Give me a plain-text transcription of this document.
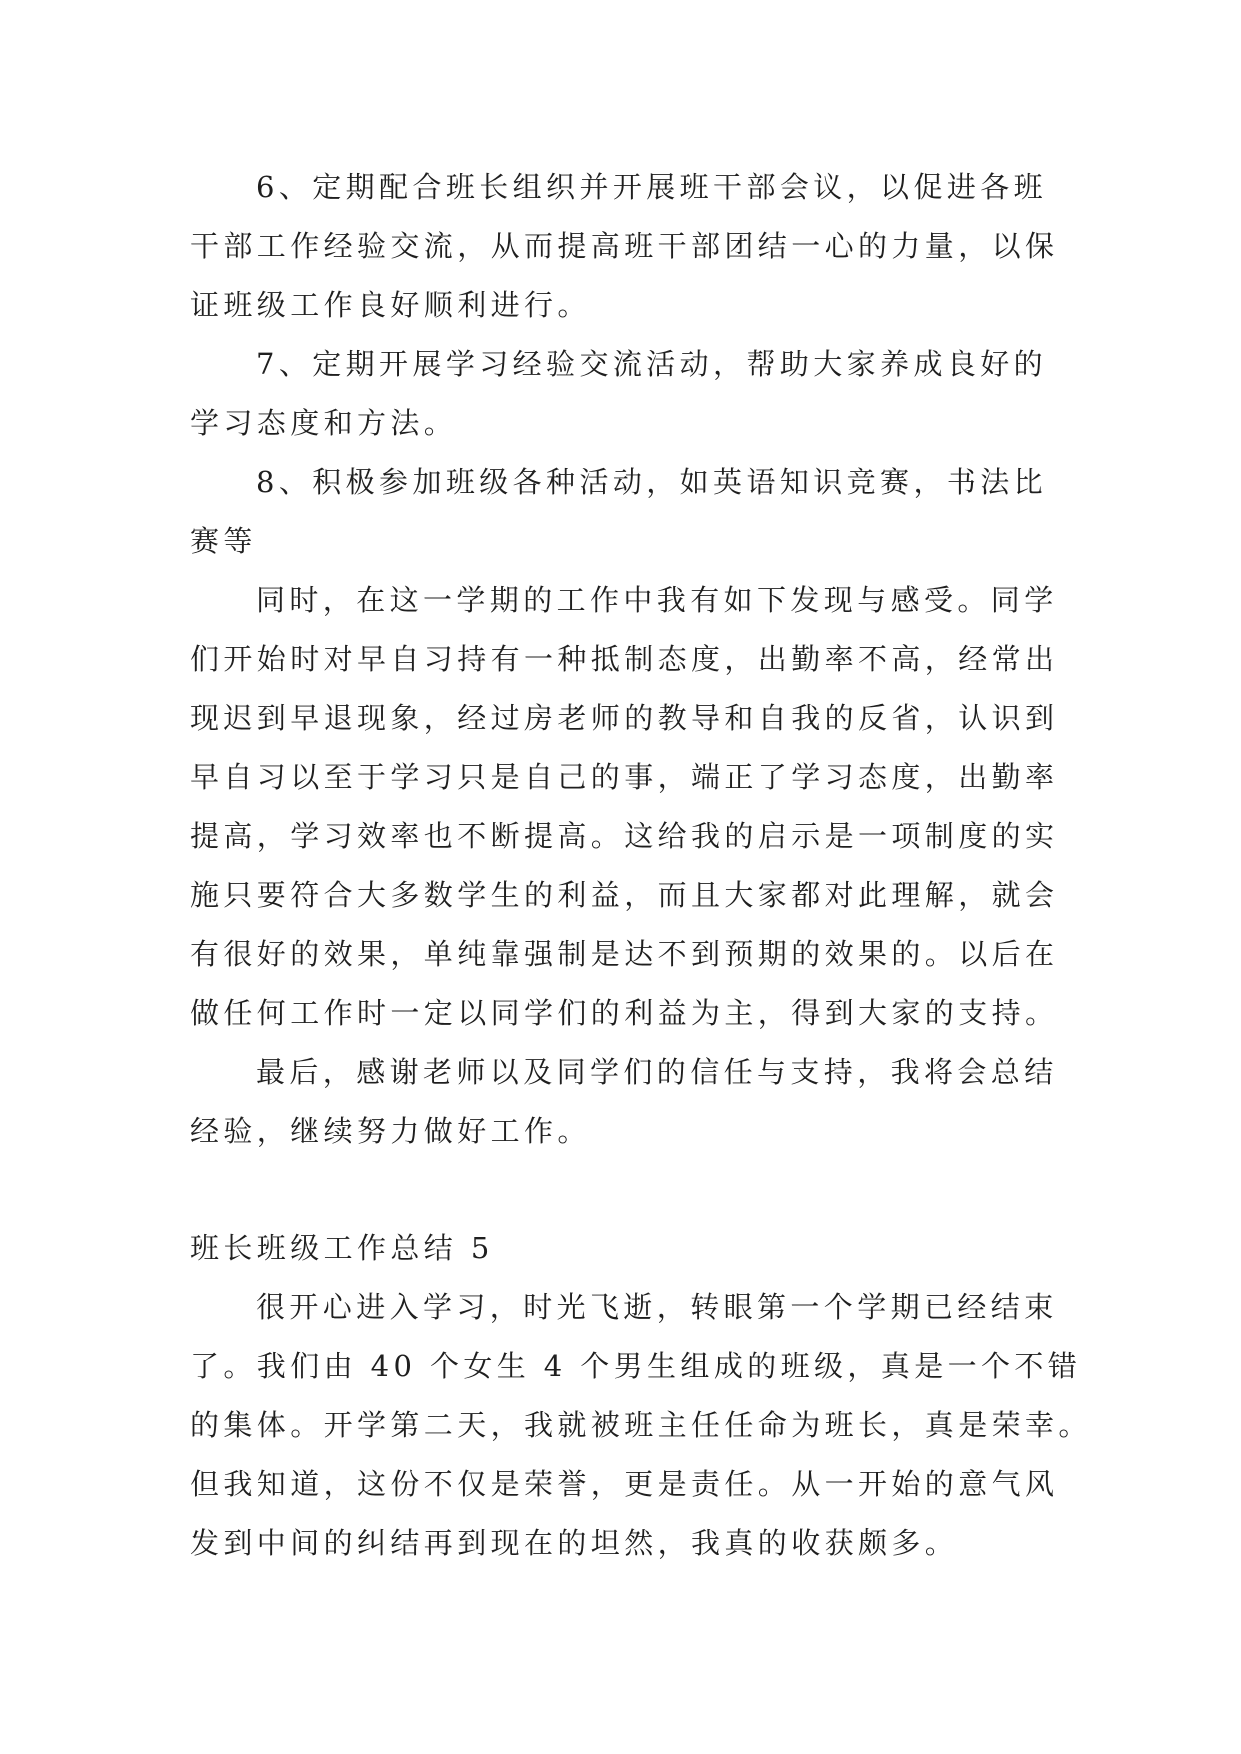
6、定期配合班长组织并开展班干部会议，以促进各班
干部工作经验交流，从而提高班干部团结一心的力量，以保
证班级工作良好顺利进行。

7、定期开展学习经验交流活动，帮助大家养成良好的
学习态度和方法。

8、积极参加班级各种活动，如英语知识竞赛，书法比
赛等

同时，在这一学期的工作中我有如下发现与感受。同学
们开始时对早自习持有一种抵制态度，出勤率不高，经常出
现迟到早退现象，经过房老师的教导和自我的反省，认识到
早自习以至于学习只是自己的事，端正了学习态度，出勤率
提高，学习效率也不断提高。这给我的启示是一项制度的实
施只要符合大多数学生的利益，而且大家都对此理解，就会
有很好的效果，单纯靠强制是达不到预期的效果的。以后在
做任何工作时一定以同学们的利益为主，得到大家的支持。

最后，感谢老师以及同学们的信任与支持，我将会总结
经验，继续努力做好工作。

班长班级工作总结 5

很开心进入学习，时光飞逝，转眼第一个学期已经结束
了。我们由 40 个女生 4 个男生组成的班级，真是一个不错
的集体。开学第二天，我就被班主任任命为班长，真是荣幸。
但我知道，这份不仅是荣誉，更是责任。从一开始的意气风
发到中间的纠结再到现在的坦然，我真的收获颇多。
